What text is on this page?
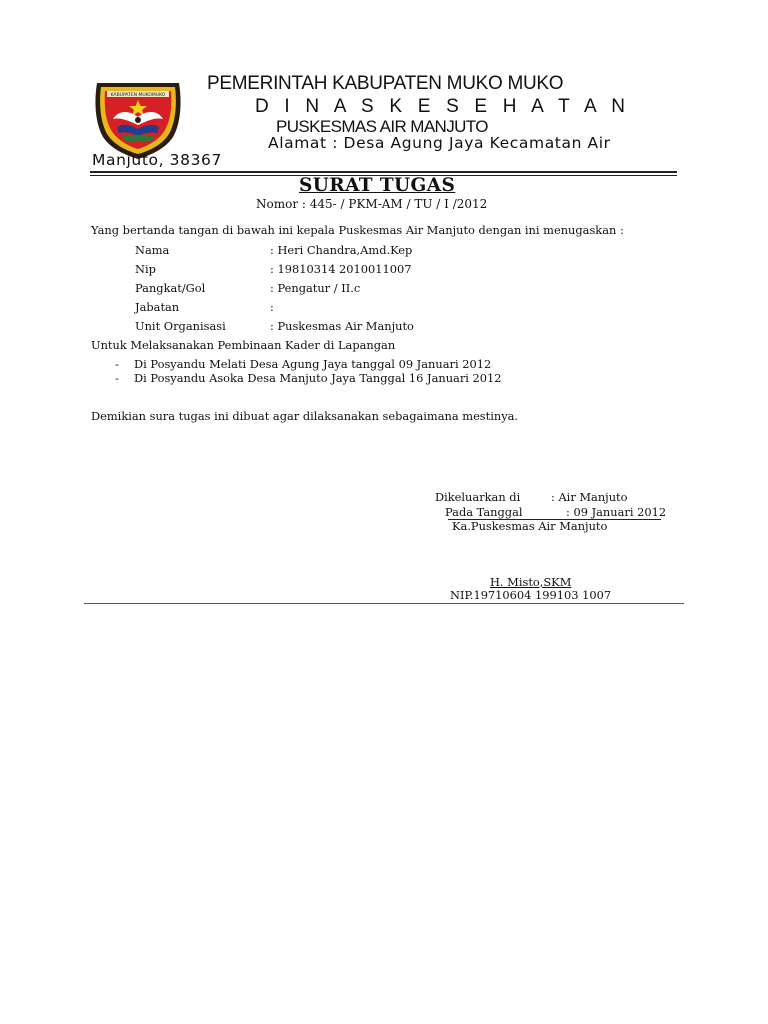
KABUPATEN MUKOMUKO
PEMERINTAH KABUPATEN MUKO MUKO
D I N A S K E S E H A T A N
PUSKESMAS AIR MANJUTO
Alamat : Desa Agung Jaya Kecamatan Air
Manjuto, 38367
SURAT TUGAS
Nomor : 445- / PKM-AM / TU / I /2012
Yang bertanda tangan di bawah ini kepala Puskesmas Air Manjuto dengan ini menugaskan :
Nama	: Heri Chandra,Amd.Kep
Nip	: 19810314 2010011007
Pangkat/Gol	: Pengatur / II.c
Jabatan	:
Unit Organisasi	: Puskesmas Air Manjuto
Untuk Melaksanakan Pembinaan Kader di Lapangan
- Di Posyandu Melati Desa Agung Jaya tanggal 09 Januari 2012
- Di Posyandu Asoka Desa Manjuto Jaya Tanggal 16 Januari 2012
Demikian sura tugas ini dibuat agar dilaksanakan sebagaimana mestinya.
Dikeluarkan di	: Air Manjuto
Pada Tanggal	: 09 Januari 2012
Ka.Puskesmas Air Manjuto
H. Misto,SKM
NIP.19710604 199103 1007
